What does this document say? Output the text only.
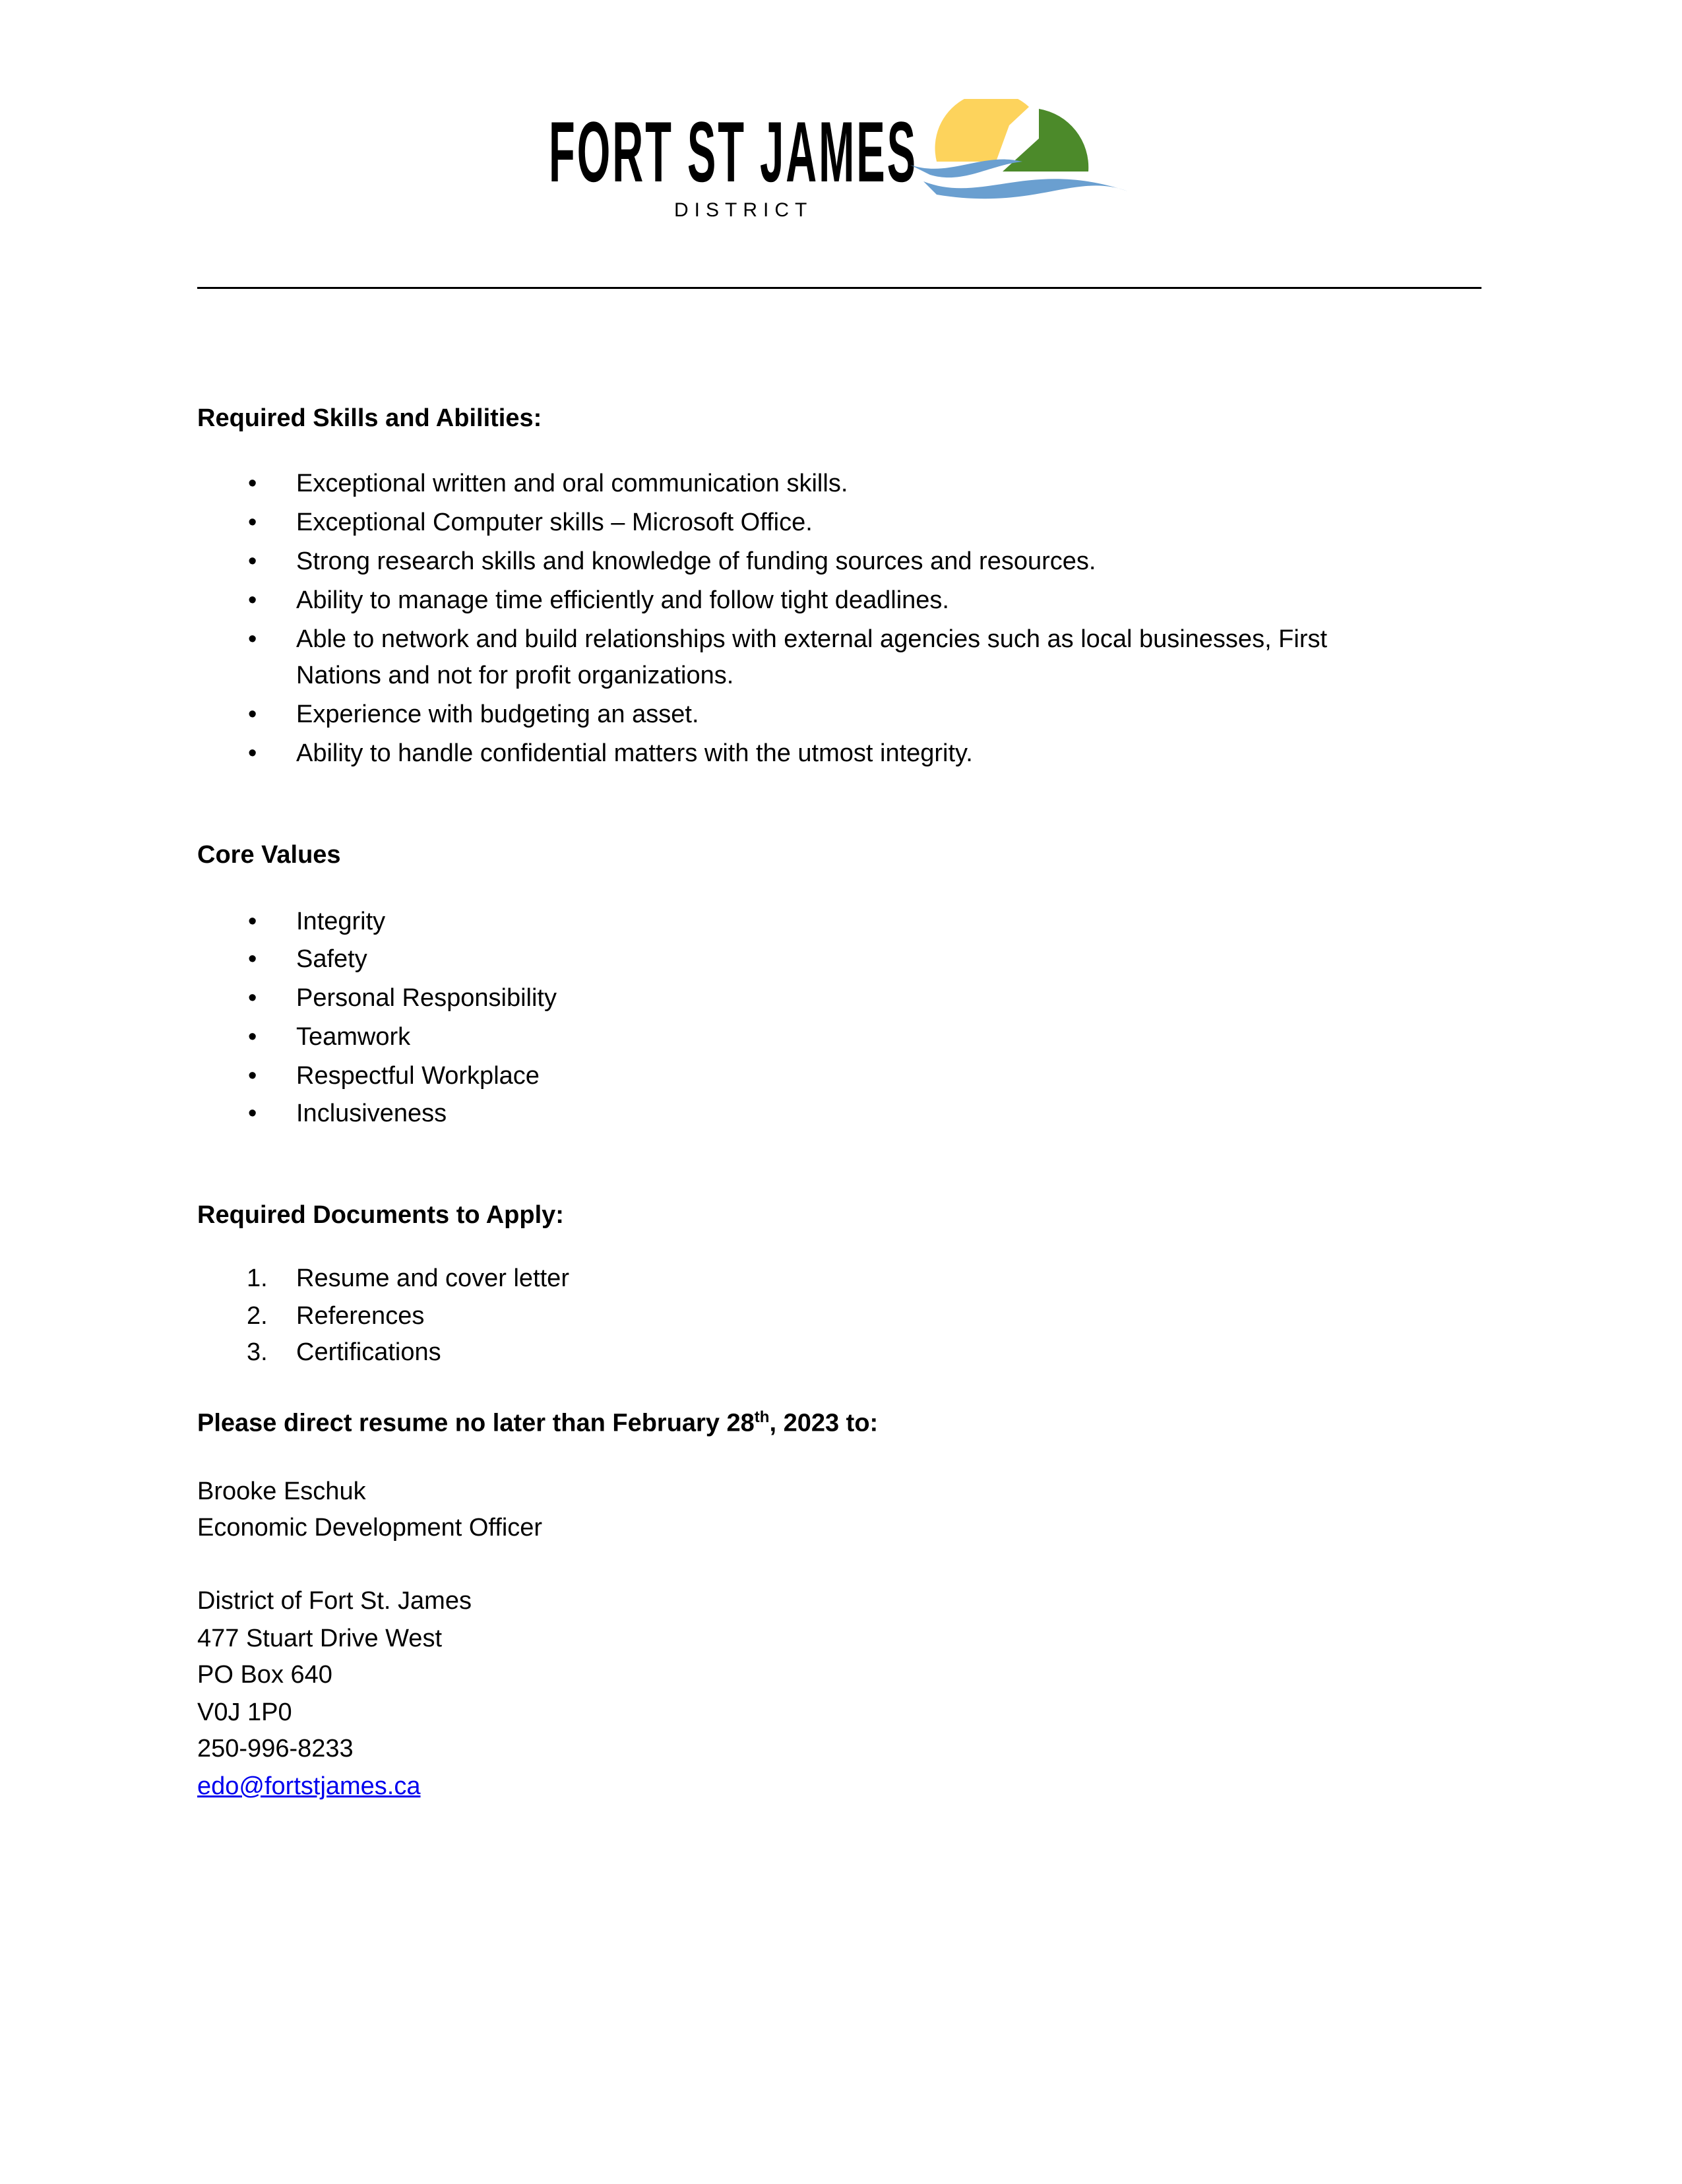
FORT ST JAMES
DISTRICT
Required Skills and Abilities:
• Exceptional written and oral communication skills.
• Exceptional Computer skills – Microsoft Office.
• Strong research skills and knowledge of funding sources and resources.
• Ability to manage time efficiently and follow tight deadlines.
• Able to network and build relationships with external agencies such as local businesses, First
Nations and not for profit organizations.
• Experience with budgeting an asset.
• Ability to handle confidential matters with the utmost integrity.
Core Values
• Integrity
• Safety
• Personal Responsibility
• Teamwork
• Respectful Workplace
• Inclusiveness
Required Documents to Apply:
1. Resume and cover letter
2. References
3. Certifications
Please direct resume no later than February 28th, 2023 to:
Brooke Eschuk
Economic Development Officer
District of Fort St. James
477 Stuart Drive West
PO Box 640
V0J 1P0
250-996-8233
edo@fortstjames.ca
